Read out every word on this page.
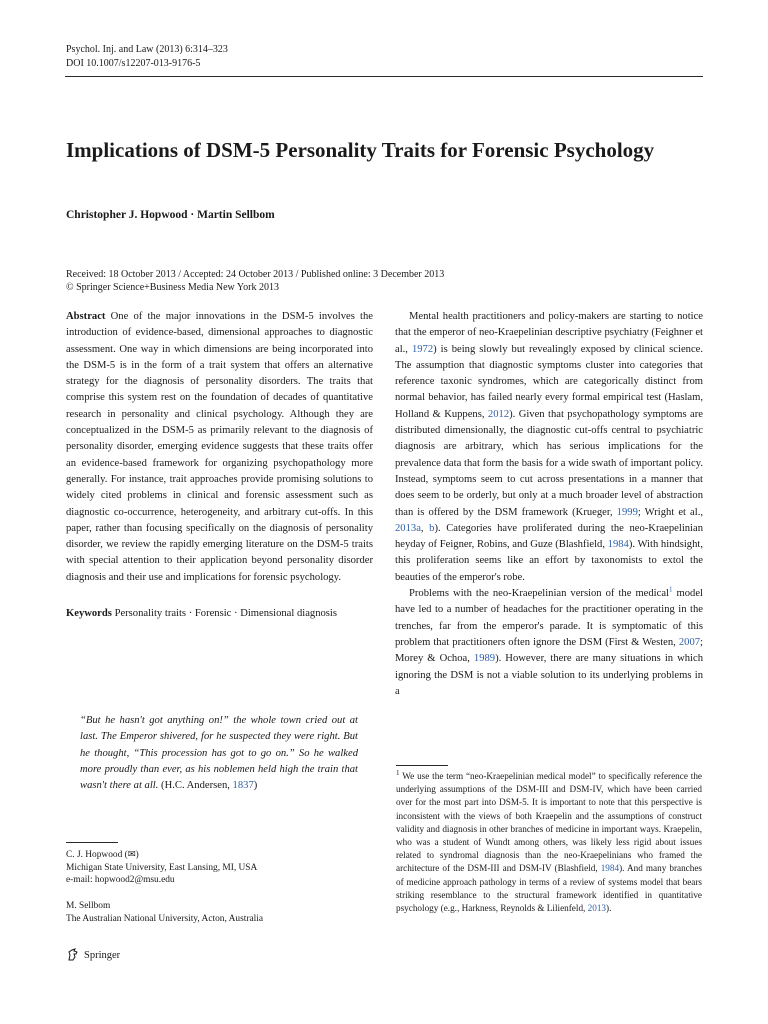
Psychol. Inj. and Law (2013) 6:314–323
DOI 10.1007/s12207-013-9176-5
Implications of DSM-5 Personality Traits for Forensic Psychology
Christopher J. Hopwood · Martin Sellbom
Received: 18 October 2013 / Accepted: 24 October 2013 / Published online: 3 December 2013
© Springer Science+Business Media New York 2013

Abstract One of the major innovations in the DSM-5 involves the introduction of evidence-based, dimensional approaches to diagnostic assessment. One way in which dimensions are being incorporated into the DSM-5 is in the form of a trait system that offers an alternative strategy for the diagnosis of personality disorders. The traits that comprise this system rest on the foundation of decades of quantitative research in personality and clinical psychology. Although they are conceptualized in the DSM-5 as primarily relevant to the diagnosis of personality disorder, emerging evidence suggests that these traits offer an evidence-based framework for organizing psychopathology more generally. For instance, trait approaches provide promising solutions to widely cited problems in clinical and forensic assessment such as diagnostic co-occurrence, heterogeneity, and arbitrary cut-offs. In this paper, rather than focusing specifically on the diagnosis of personality disorder, we review the rapidly emerging literature on the DSM-5 traits with special attention to their application beyond personality disorder diagnosis and their use and implications for forensic psychology.

Keywords Personality traits · Forensic · Dimensional diagnosis

“But he hasn't got anything on!” the whole town cried out at last. The Emperor shivered, for he suspected they were right. But he thought, “This procession has got to go on.” So he walked more proudly than ever, as his noblemen held high the train that wasn't there at all. (H.C. Andersen, 1837)
C. J. Hopwood (✉)
Michigan State University, East Lansing, MI, USA
e-mail: hopwood2@msu.edu
M. Sellbom
The Australian National University, Acton, Australia

Mental health practitioners and policy-makers are starting to notice that the emperor of neo-Kraepelinian descriptive psychiatry (Feighner et al., 1972) is being slowly but revealingly exposed by clinical science. The assumption that diagnostic symptoms cluster into categories that reference taxonic syndromes, which are categorically distinct from normal behavior, has failed nearly every formal empirical test (Haslam, Holland & Kuppens, 2012). Given that psychopathology symptoms are distributed dimensionally, the diagnostic cut-offs central to psychiatric diagnosis are arbitrary, which has serious implications for the prevalence data that form the basis for a wide swath of important policy. Instead, symptoms seem to cut across presentations in a manner that does seem to be orderly, but only at a much broader level of abstraction than is offered by the DSM framework (Krueger, 1999; Wright et al., 2013a, b). Categories have proliferated during the neo-Kraepelinian heyday of Feigner, Robins, and Guze (Blashfield, 1984). With hindsight, this proliferation seems like an effort by taxonomists to extol the beauties of the emperor's robe.

Problems with the neo-Kraepelinian version of the medical$^1$ model have led to a number of headaches for the practitioner operating in the trenches, far from the emperor's parade. It is symptomatic of this problem that practitioners often ignore the DSM (First & Westen, 2007; Morey & Ochoa, 1989). However, there are many situations in which ignoring the DSM is not a viable solution to its underlying problems in a

$^1$ We use the term “neo-Kraepelinian medical model” to specifically reference the underlying assumptions of the DSM-III and DSM-IV, which have been carried over for the most part into DSM-5. It is important to note that this perspective is inconsistent with the views of both Kraepelin and the assumptions of construct validity and diagnosis in other branches of medicine in important ways. Kraepelin, who was a student of Wundt among others, was likely less rigid about issues related to syndromal diagnosis than the neo-Kraepelinians who framed the architecture of the DSM-III and DSM-IV (Blashfield, 1984). And many branches of medicine approach pathology in terms of a review of systems model that bears striking resemblance to the structural framework identified in quantitative psychology (e.g., Harkness, Reynolds & Lilienfeld, 2013).
Springer
